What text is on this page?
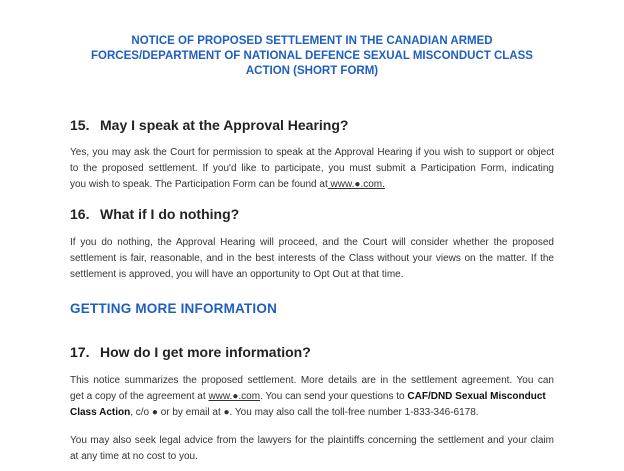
NOTICE OF PROPOSED SETTLEMENT IN THE CANADIAN ARMED
FORCES/DEPARTMENT OF NATIONAL DEFENCE SEXUAL MISCONDUCT CLASS
ACTION (SHORT FORM)
15. May I speak at the Approval Hearing?
Yes, you may ask the Court for permission to speak at the Approval Hearing if you wish to support or object
to the proposed settlement. If you'd like to participate, you must submit a Participation Form, indicating
you wish to speak. The Participation Form can be found at www.●.com.
16. What if I do nothing?
If you do nothing, the Approval Hearing will proceed, and the Court will consider whether the proposed
settlement is fair, reasonable, and in the best interests of the Class without your views on the matter. If the
settlement is approved, you will have an opportunity to Opt Out at that time.
GETTING MORE INFORMATION
17. How do I get more information?
This notice summarizes the proposed settlement. More details are in the settlement agreement. You can
get a copy of the agreement at www.●.com. You can send your questions to CAF/DND Sexual Misconduct
Class Action, c/o ● or by email at ●. You may also call the toll-free number 1-833-346-6178.
You may also seek legal advice from the lawyers for the plaintiffs concerning the settlement and your claim
at any time at no cost to you.
